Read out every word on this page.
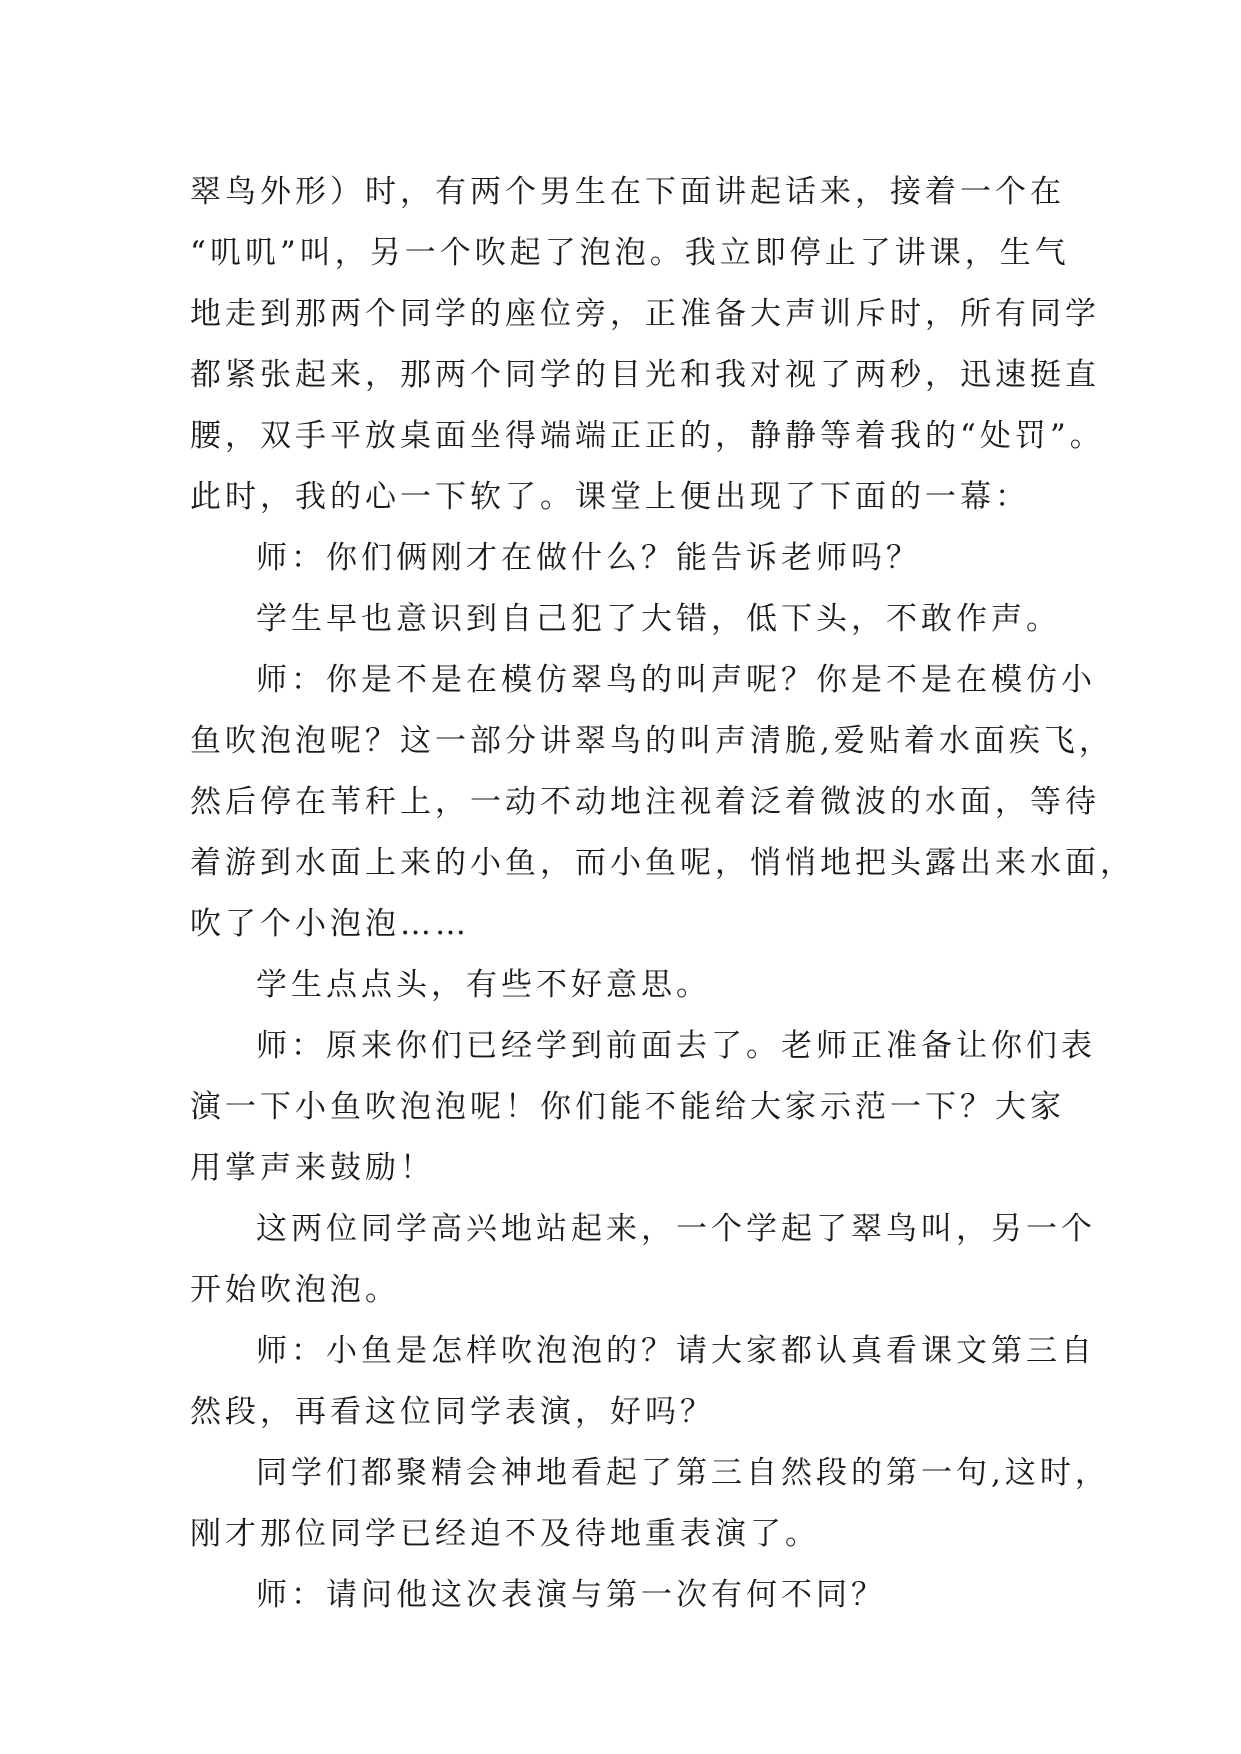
翠鸟外形）时，有两个男生在下面讲起话来，接着一个在
“叽叽”叫，另一个吹起了泡泡。我立即停止了讲课，生气
地走到那两个同学的座位旁，正准备大声训斥时，所有同学
都紧张起来，那两个同学的目光和我对视了两秒，迅速挺直
腰，双手平放桌面坐得端端正正的，静静等着我的“处罚”。
此时，我的心一下软了。课堂上便出现了下面的一幕：
师：你们俩刚才在做什么？能告诉老师吗？
学生早也意识到自己犯了大错，低下头，不敢作声。
师：你是不是在模仿翠鸟的叫声呢？你是不是在模仿小
鱼吹泡泡呢？这一部分讲翠鸟的叫声清脆,爱贴着水面疾飞，
然后停在苇秆上，一动不动地注视着泛着微波的水面，等待
着游到水面上来的小鱼，而小鱼呢，悄悄地把头露出来水面，
吹了个小泡泡……
学生点点头，有些不好意思。
师：原来你们已经学到前面去了。老师正准备让你们表
演一下小鱼吹泡泡呢！你们能不能给大家示范一下？大家
用掌声来鼓励！
这两位同学高兴地站起来，一个学起了翠鸟叫，另一个
开始吹泡泡。
师：小鱼是怎样吹泡泡的？请大家都认真看课文第三自
然段，再看这位同学表演，好吗？
同学们都聚精会神地看起了第三自然段的第一句,这时，
刚才那位同学已经迫不及待地重表演了。
师：请问他这次表演与第一次有何不同？
